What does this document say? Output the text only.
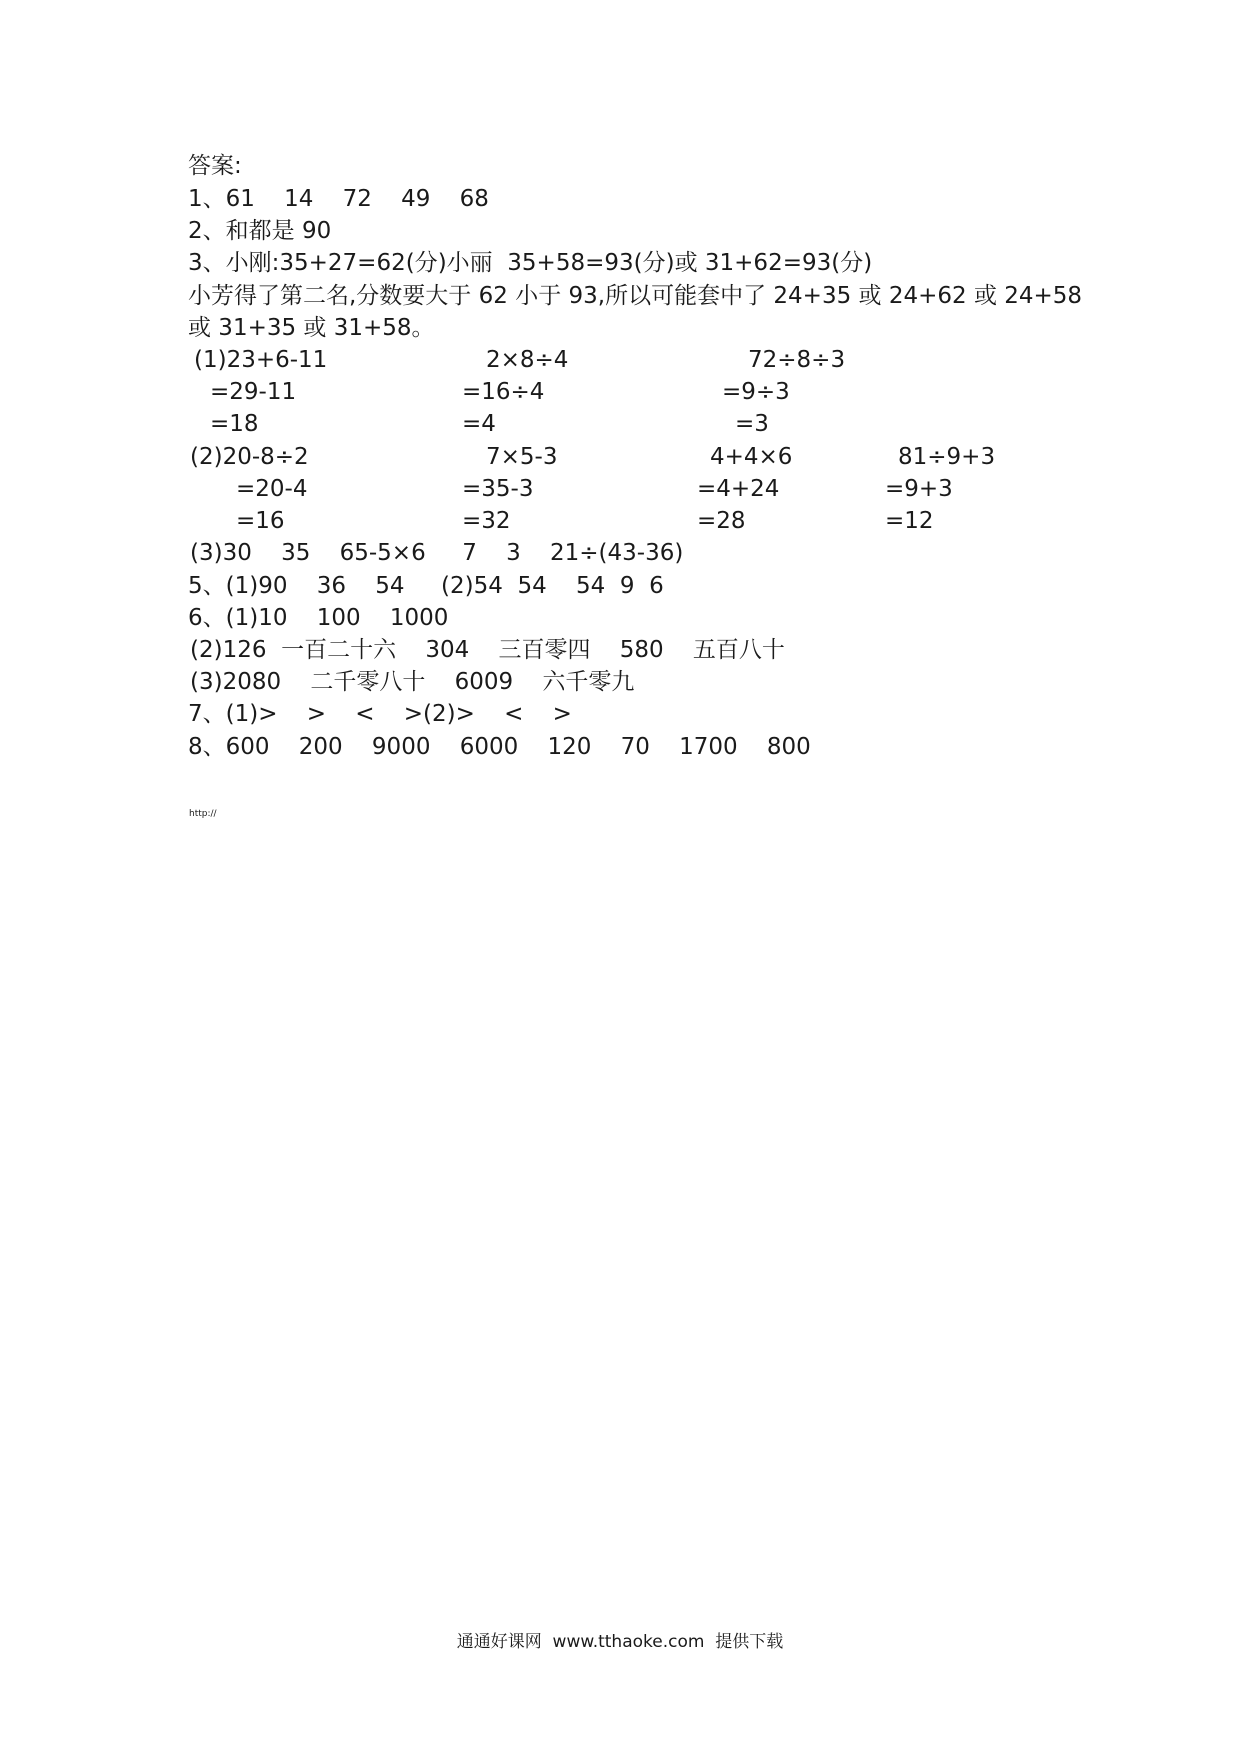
答案:
1、61    14    72    49    68
2、和都是 90
3、小刚:35+27=62(分)小丽  35+58=93(分)或 31+62=93(分)
小芳得了第二名,分数要大于 62 小于 93,所以可能套中了 24+35 或 24+62 或 24+58
或 31+35 或 31+58。
(1)23+6-11
=29-11
=18
2×8÷4
=16÷4
=4
72÷8÷3
=9÷3
=3
(2)20-8÷2
=20-4
=16
7×5-3
=35-3
=32
4+4×6
=4+24
=28
81÷9+3
=9+3
=12
(3)30    35    65-5×6     7    3    21÷(43-36)
5、(1)90    36    54     (2)54  54    54  9  6
6、(1)10    100    1000
(2)126  一百二十六    304    三百零四    580    五百八十
(3)2080    二千零八十    6009    六千零九
7、(1)>    >    <    >(2)>    <    >
8、600    200    9000    6000    120    70    1700    800
http://
通通好课网  www.tthaoke.com  提供下载
